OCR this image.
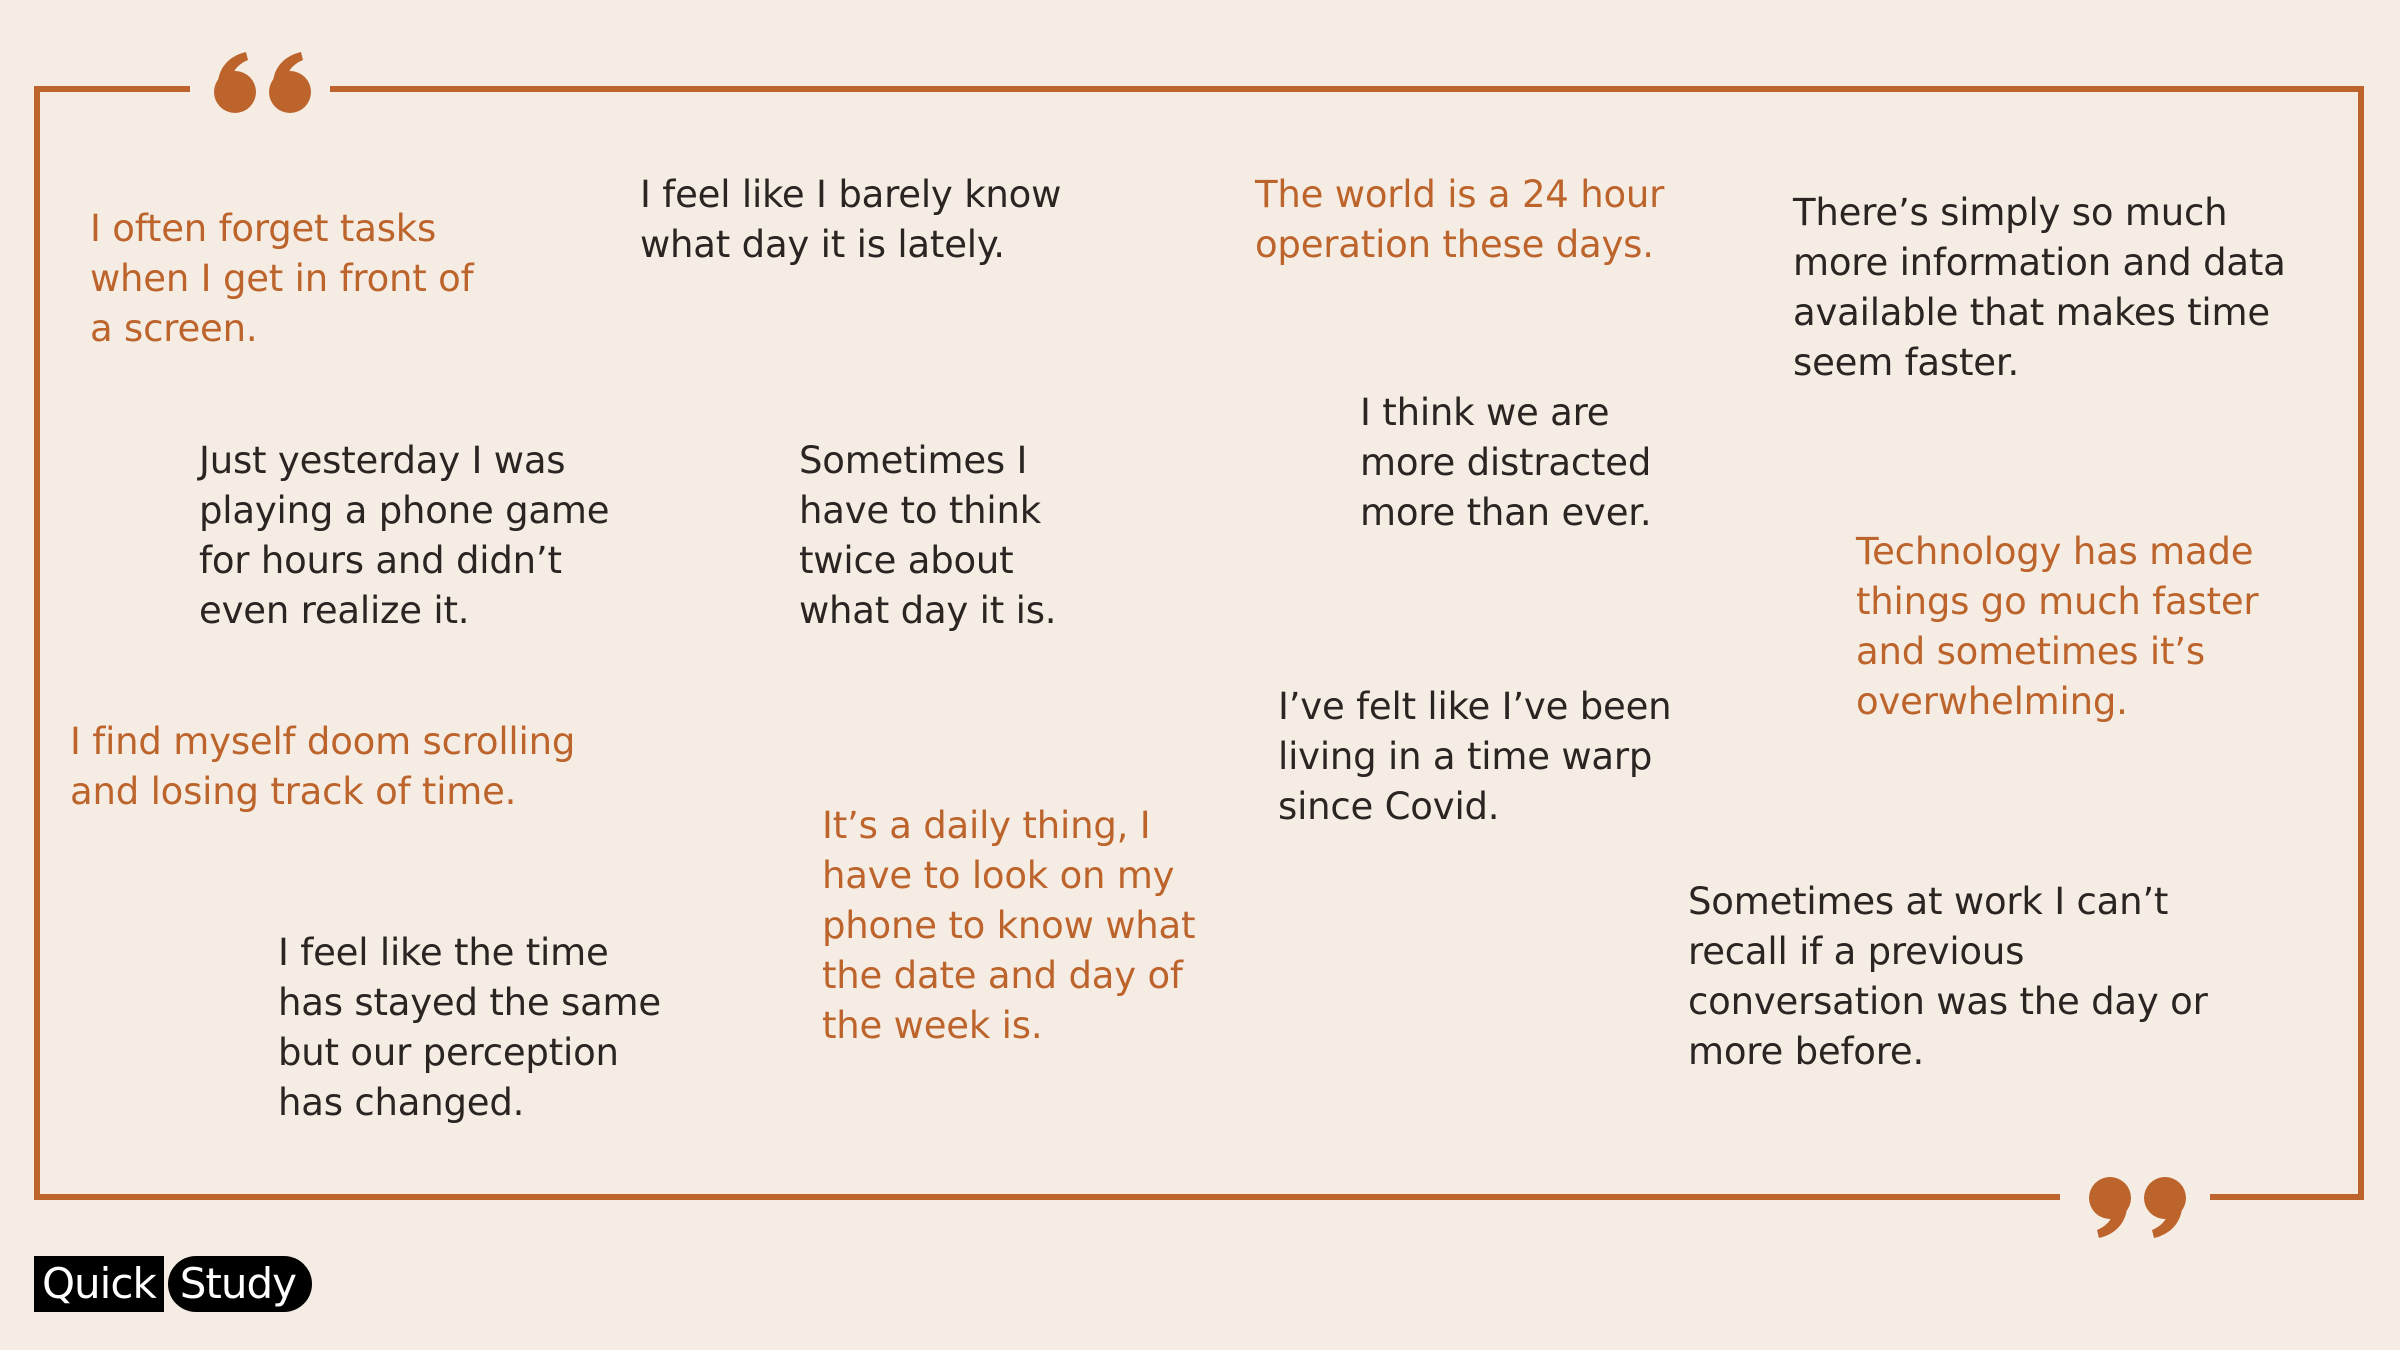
I often forget tasks
when I get in front of
a screen.

I feel like I barely know
what day it is lately.

The world is a 24 hour
operation these days.

There’s simply so much
more information and data
available that makes time
seem faster.

Just yesterday I was
playing a phone game
for hours and didn’t
even realize it.

Sometimes I
have to think
twice about
what day it is.

I think we are
more distracted
more than ever.

Technology has made
things go much faster
and sometimes it’s
overwhelming.

I find myself doom scrolling
and losing track of time.

I’ve felt like I’ve been
living in a time warp
since Covid.

It’s a daily thing, I
have to look on my
phone to know what
the date and day of
the week is.

I feel like the time
has stayed the same
but our perception
has changed.

Sometimes at work I can’t
recall if a previous
conversation was the day or
more before.

Quick Study
